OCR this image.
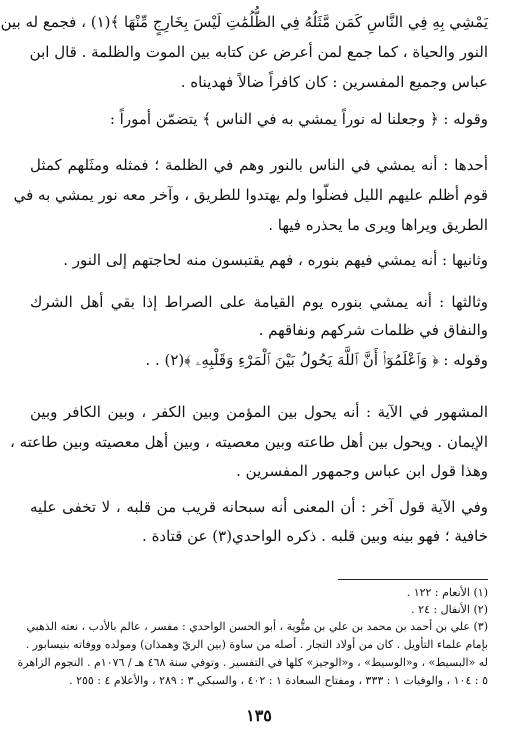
يَمْشِي بِهِ فِي النَّاسِ كَمَن مَّثَلُهُ فِي الظُّلُمَٰتِ لَيْسَ بِخَارِجٍ مِّنْهَا ﴾(١) ، فجمع له بين
النور والحياة ، كما جمع لمن أعرض عن كتابه بين الموت والظلمة . قال ابن
عباس وجميع المفسرين : كان كافراً ضالاً فهديناه .
وقوله : ﴿ وجعلنا له نوراً يمشي به في الناس ﴾ يتضمّن أموراً :
أحدها : أنه يمشي في الناس بالنور وهم في الظلمة ؛ فمثله ومثَلهم كمثل
قوم أظلم عليهم الليل فضلّوا ولم يهتدوا للطريق ، وآخر معه نور يمشي به في
الطريق ويراها ويرى ما يحذره فيها .
وثانيها : أنه يمشي فيهم بنوره ، فهم يقتبسون منه لحاجتهم إلى النور .
وثالثها : أنه يمشي بنوره يوم القيامة على الصراط إذا بقي أهل الشرك
والنفاق في ظلمات شركهم ونفاقهم .
وقوله : ﴿ وَٱعْلَمُوٓا۟ أَنَّ ٱللَّهَ يَحُولُ بَيْنَ ٱلْمَرْءِ وَقَلْبِهِۦ ﴾(٢) . .
المشهور في الآية : أنه يحول بين المؤمن وبين الكفر ، وبين الكافر وبين
الإيمان . ويحول بين أهل طاعته وبين معصيته ، وبين أهل معصيته وبين طاعته ،
وهذا قول ابن عباس وجمهور المفسرين .
وفي الآية قول آخر : أن المعنى أنه سبحانه قريب من قلبه ، لا تخفى عليه
خافية ؛ فهو بينه وبين قلبه . ذكره الواحدي(٣) عن قتادة .
(١) الأنعام : ١٢٢ .
(٢) الأنفال : ٢٤ .
(٣) علي بن أحمد بن محمد بن علي بن متُّوية ، أبو الحسن الواحدي : مفسر ، عالم بالأدب ، نعته الذهبي
بإمام علماء التأويل . كان من أولاد التجار . أصله من ساوة (بين الريّ وهمذان) ومولده ووفاته بنيسابور .
له «البسيط» ، و«الوسيط» ، و«الوجيز» كلها في التفسير . وتوفي سنة ٤٦٨ هـ / ١٠٧٦م . النجوم الزاهرة
٥ : ١٠٤ ، والوفيات ١ : ٣٣٣ ، ومفتاح السعادة ١ : ٤٠٢ ، والسبكي ٣ : ٢٨٩ ، والأعلام ٤ : ٢٥٥ .
١٣٥
